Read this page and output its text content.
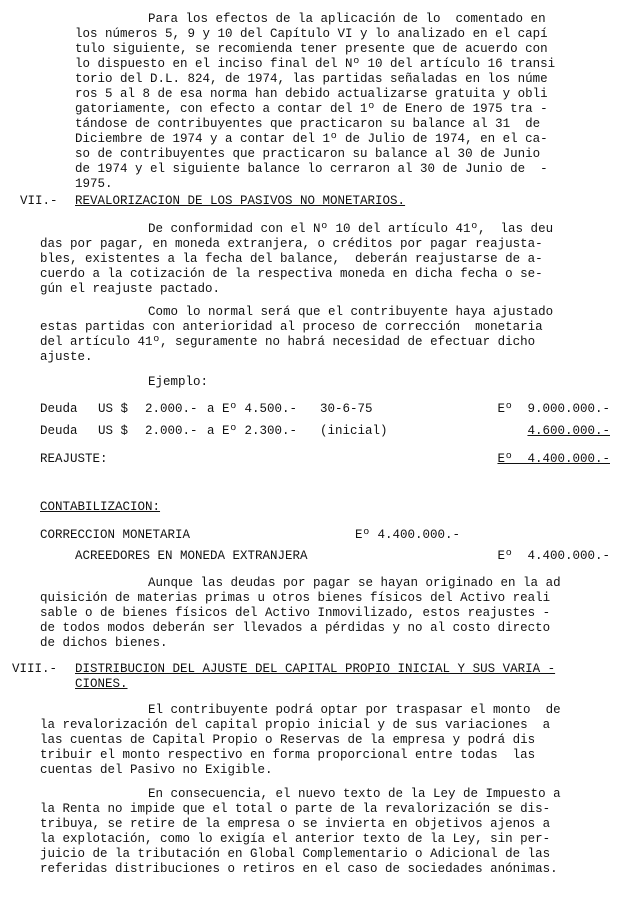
Para los efectos de la aplicación de lo  comentado en
los números 5, 9 y 10 del Capítulo VI y lo analizado en el capí
tulo siguiente, se recomienda tener presente que de acuerdo con
lo dispuesto en el inciso final del Nº 10 del artículo 16 transi
torio del D.L. 824, de 1974, las partidas señaladas en los núme
ros 5 al 8 de esa norma han debido actualizarse gratuita y obli
gatoriamente, con efecto a contar del 1º de Enero de 1975 tra -
tándose de contribuyentes que practicaron su balance al 31  de
Diciembre de 1974 y a contar del 1º de Julio de 1974, en el ca-
so de contribuyentes que practicaron su balance al 30 de Junio
de 1974 y el siguiente balance lo cerraron al 30 de Junio de  -
1975.
VII.- REVALORIZACION DE LOS PASIVOS NO MONETARIOS.
De conformidad con el Nº 10 del artículo 41º,  las deu
das por pagar, en moneda extranjera, o créditos por pagar reajusta-
bles, existentes a la fecha del balance,  deberán reajustarse de a-
cuerdo a la cotización de la respectiva moneda en dicha fecha o se-
gún el reajuste pactado.
Como lo normal será que el contribuyente haya ajustado
estas partidas con anterioridad al proceso de corrección  monetaria
del artículo 41º, seguramente no habrá necesidad de efectuar dicho
ajuste.
Ejemplo:
Deuda US $ 2.000.- a Eº 4.500.- 30-6-75	Eº  9.000.000.-
Deuda US $ 2.000.- a Eº 2.300.- (inicial)	4.600.000.-
REAJUSTE:	Eº  4.400.000.-
CONTABILIZACION:
CORRECCION MONETARIA	Eº 4.400.000.-
ACREEDORES EN MONEDA EXTRANJERA	Eº  4.400.000.-
Aunque las deudas por pagar se hayan originado en la ad
quisición de materias primas u otros bienes físicos del Activo reali
sable o de bienes físicos del Activo Inmovilizado, estos reajustes -
de todos modos deberán ser llevados a pérdidas y no al costo directo
de dichos bienes.
VIII.- DISTRIBUCION DEL AJUSTE DEL CAPITAL PROPIO INICIAL Y SUS VARIA -
CIONES.
El contribuyente podrá optar por traspasar el monto  de
la revalorización del capital propio inicial y de sus variaciones  a
las cuentas de Capital Propio o Reservas de la empresa y podrá dis
tribuir el monto respectivo en forma proporcional entre todas  las
cuentas del Pasivo no Exigible.
En consecuencia, el nuevo texto de la Ley de Impuesto a
la Renta no impide que el total o parte de la revalorización se dis-
tribuya, se retire de la empresa o se invierta en objetivos ajenos a
la explotación, como lo exigía el anterior texto de la Ley, sin per-
juicio de la tributación en Global Complementario o Adicional de las
referidas distribuciones o retiros en el caso de sociedades anónimas.
